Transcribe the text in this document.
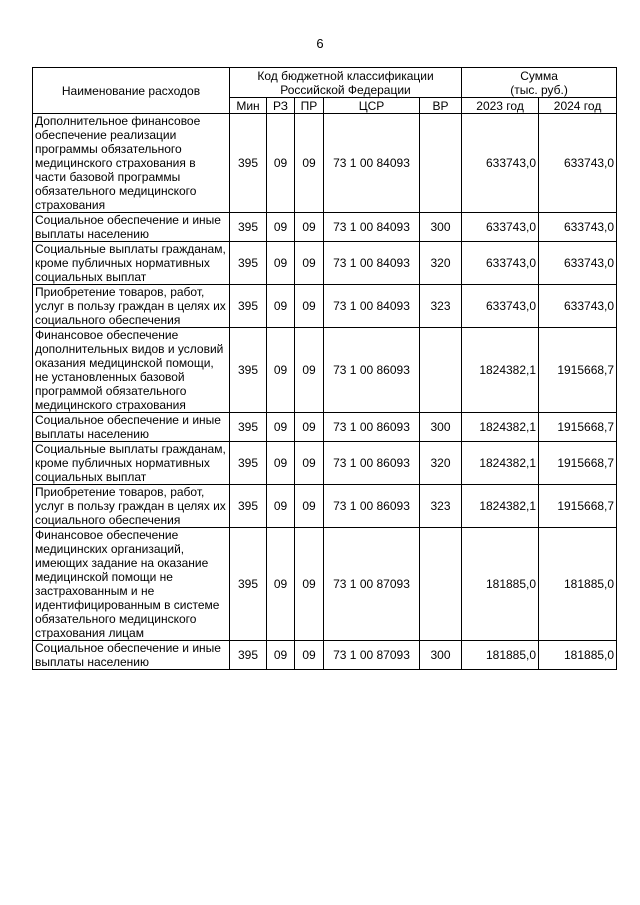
6
Наименование расходов	Код бюджетной классификации Российской Федерации					Сумма
(тыс. руб.)	

	Мин	РЗ	ПР	ЦСР	ВР	2023 год	2024 год
Дополнительное финансовое обеспечение реализации программы обязательного медицинского страхования в части базовой программы обязательного медицинского страхования	395	09	09	73 1 00 84093		633743,0	633743,0
Социальное обеспечение и иные выплаты населению	395	09	09	73 1 00 84093	300	633743,0	633743,0
Социальные выплаты гражданам, кроме публичных нормативных социальных выплат	395	09	09	73 1 00 84093	320	633743,0	633743,0
Приобретение товаров, работ, услуг в пользу граждан в целях их социального обеспечения	395	09	09	73 1 00 84093	323	633743,0	633743,0
Финансовое обеспечение дополнительных видов и условий оказания медицинской помощи, не установленных базовой программой обязательного медицинского страхования	395	09	09	73 1 00 86093		1824382,1	1915668,7
Социальное обеспечение и иные выплаты населению	395	09	09	73 1 00 86093	300	1824382,1	1915668,7
Социальные выплаты гражданам, кроме публичных нормативных социальных выплат	395	09	09	73 1 00 86093	320	1824382,1	1915668,7
Приобретение товаров, работ, услуг в пользу граждан в целях их социального обеспечения	395	09	09	73 1 00 86093	323	1824382,1	1915668,7
Финансовое обеспечение медицинских организаций, имеющих задание на оказание медицинской помощи не застрахованным и не идентифицированным в системе обязательного медицинского страхования лицам	395	09	09	73 1 00 87093		181885,0	181885,0
Социальное обеспечение и иные выплаты населению	395	09	09	73 1 00 87093	300	181885,0	181885,0
